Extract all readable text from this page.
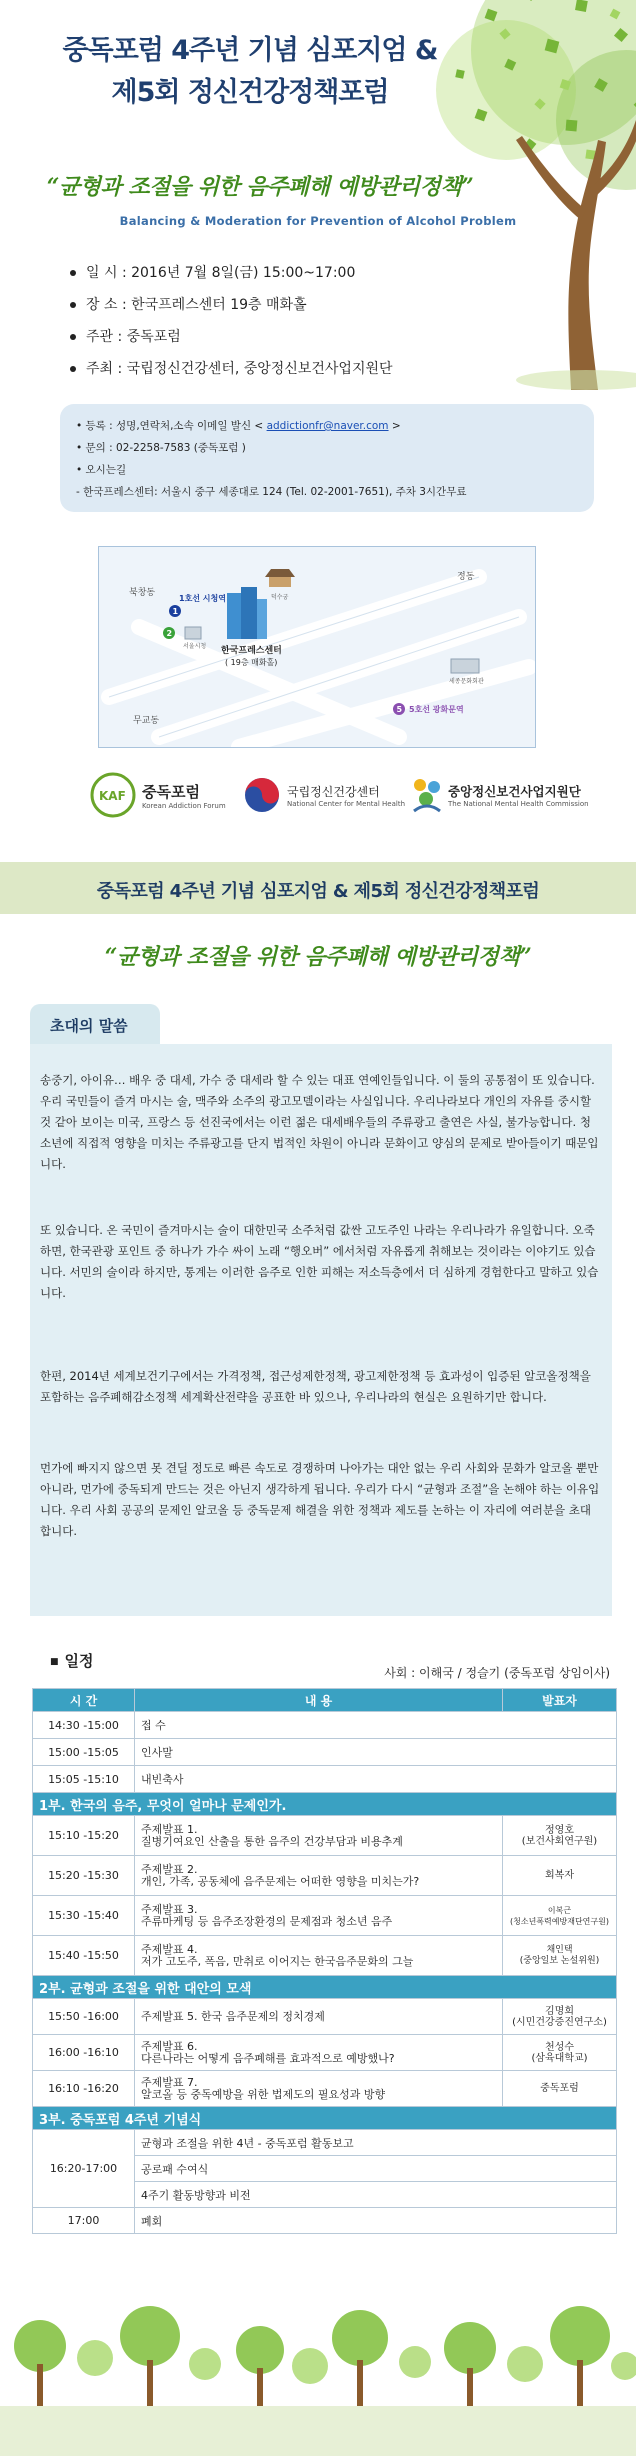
중독포럼 4주년 기념 심포지엄 &
제5회 정신건강정책포럼
“균형과 조절을 위한 음주폐해 예방관리정책”
Balancing & Moderation for Prevention of Alcohol Problem
일 시 : 2016년 7월 8일(금) 15:00~17:00
장 소 : 한국프레스센터 19층 매화홀
주관 : 중독포럼
주최 : 국립정신건강센터, 중앙정신보건사업지원단
• 등록 : 성명,연락처,소속 이메일 발신 < addictionfr@naver.com >
• 문의 : 02-2258-7583 (중독포럼 )
• 오시는길
- 한국프레스센터: 서울시 중구 세종대로 124 (Tel. 02-2001-7651), 주차 3시간무료
북창동
정동
무교동
1호선 시청역
1
2
서울시청 한국프레스센터
( 19층 매화홀)
덕수궁
세종문화회관
5 5호선 광화문역
KAF 중독포럼
Korean Addiction Forum
국립정신건강센터
National Center for Mental Health
중앙정신보건사업지원단
The National Mental Health Commission
중독포럼 4주년 기념 심포지엄 & 제5회 정신건강정책포럼
“균형과 조절을 위한 음주폐해 예방관리정책”
초대의 말씀

송중기, 아이유… 배우 중 대세, 가수 중 대세라 할 수 있는 대표 연예인들입니다. 이 둘의 공통점이 또 있습니다. 우리 국민들이 즐겨 마시는 술, 맥주와 소주의 광고모델이라는 사실입니다. 우리나라보다 개인의 자유를 중시할 것 같아 보이는 미국, 프랑스 등 선진국에서는 이런 젊은 대세배우들의 주류광고 출연은 사실, 불가능합니다. 청소년에 직접적 영향을 미치는 주류광고를 단지 법적인 차원이 아니라 문화이고 양심의 문제로 받아들이기 때문입니다.

또 있습니다. 온 국민이 즐겨마시는 술이 대한민국 소주처럼 값싼 고도주인 나라는 우리나라가 유일합니다. 오죽하면, 한국관광 포인트 중 하나가 가수 싸이 노래 “행오버” 에서처럼 자유롭게 취해보는 것이라는 이야기도 있습니다. 서민의 술이라 하지만, 통계는 이러한 음주로 인한 피해는 저소득층에서 더 심하게 경험한다고 말하고 있습니다.

한편, 2014년 세계보건기구에서는 가격정책, 접근성제한정책, 광고제한정책 등 효과성이 입증된 알코올정책을 포함하는 음주폐해감소정책 세계확산전략을 공표한 바 있으나, 우리나라의 현실은 요원하기만 합니다.

먼가에 빠지지 않으면 못 견딜 정도로 빠른 속도로 경쟁하며 나아가는 대안 없는 우리 사회와 문화가 알코올 뿐만 아니라, 먼가에 중독되게 만드는 것은 아닌지 생각하게 됩니다. 우리가 다시 “균형과 조절”을 논해야 하는 이유입니다. 우리 사회 공공의 문제인 알코올 등 중독문제 해결을 위한 정책과 제도를 논하는 이 자리에 여러분을 초대합니다.

■ 일정
사회 : 이해국 / 정슬기 (중독포럼 상임이사)
시 간	내 용	발표자
14:30 -15:00	접 수	
15:00 -15:05	인사말	
15:05 -15:10	내빈축사	
1부. 한국의 음주, 무엇이 얼마나 문제인가.		
15:10 -15:20	주제발표 1.
질병기여요인 산출을 통한 음주의 건강부담과 비용추계	정영호
(보건사회연구원)
15:20 -15:30	주제발표 2.
개인, 가족, 공동체에 음주문제는 어떠한 영향을 미치는가?	회복자
15:30 -15:40	주제발표 3.
주류마케팅 등 음주조장환경의 문제점과 청소년 음주	이복근
(청소년폭력예방재단연구원)
15:40 -15:50	주제발표 4.
저가 고도주, 폭음, 만취로 이어지는 한국음주문화의 그늘	채인택
(중앙일보 논설위원)
2부. 균형과 조절을 위한 대안의 모색		
15:50 -16:00	주제발표 5. 한국 음주문제의 정치경제	김명희
(시민건강증진연구소)
16:00 -16:10	주제발표 6.
다른나라는 어떻게 음주폐해를 효과적으로 예방했나?	천성수
(삼육대학교)
16:10 -16:20	주제발표 7.
알코올 등 중독예방을 위한 법제도의 필요성과 방향	중독포럼
3부. 중독포럼 4주년 기념식		
16:20-17:00	균형과 조절을 위한 4년 - 중독포럼 활동보고	
	공로패 수여식	
	4주기 활동방향과 비전	
17:00	폐회	
